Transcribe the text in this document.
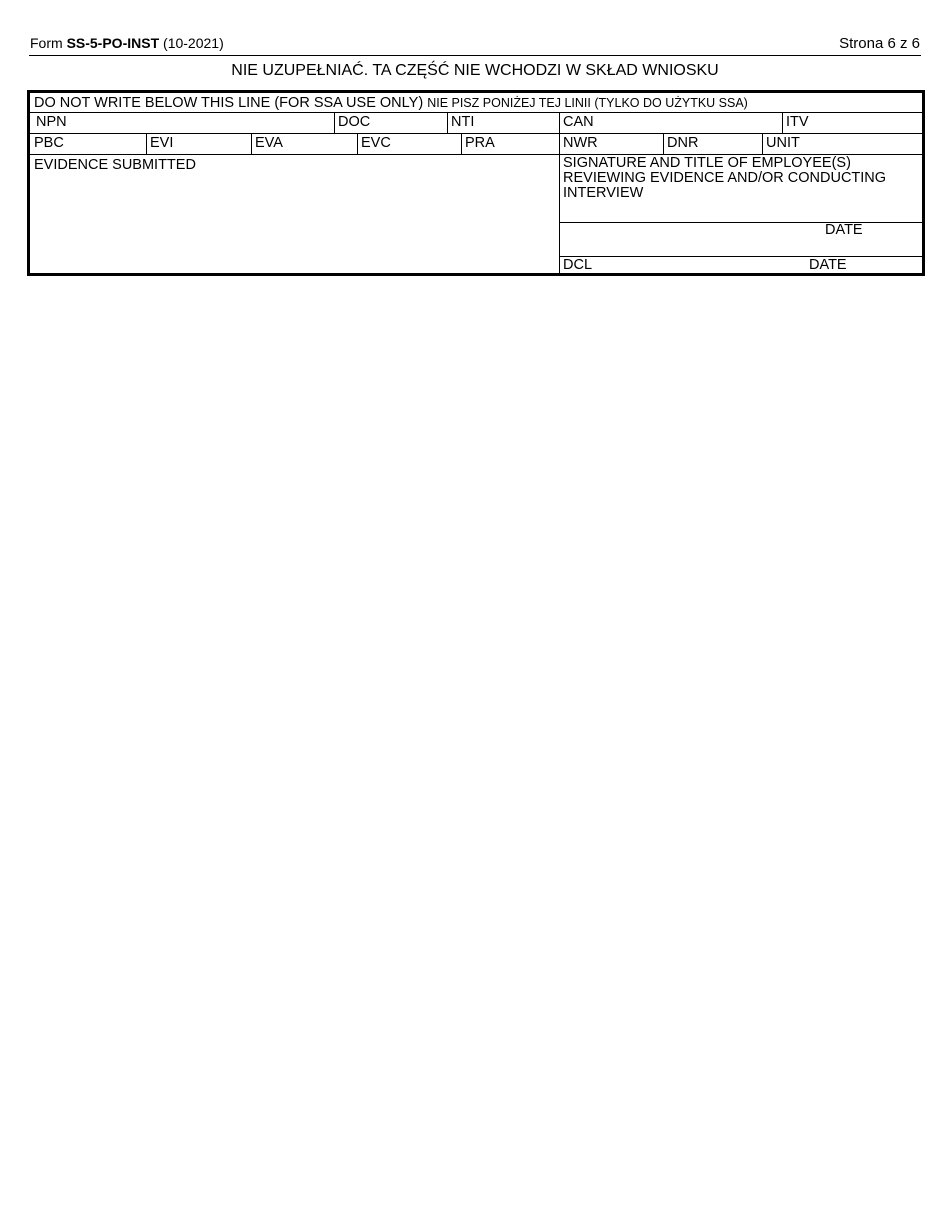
Form SS-5-PO-INST (10-2021)	Strona 6 z 6
NIE UZUPEŁNIAĆ. TA CZĘŚĆ NIE WCHODZI W SKŁAD WNIOSKU
DO NOT WRITE BELOW THIS LINE (FOR SSA USE ONLY) NIE PISZ PONIŻEJ TEJ LINII (TYLKO DO UŻYTKU SSA)
NPN	DOC	NTI	CAN	ITV
PBC	EVI	EVA	EVC	PRA	NWR	DNR	UNIT
EVIDENCE SUBMITTED	SIGNATURE AND TITLE OF EMPLOYEE(S) REVIEWING EVIDENCE AND/OR CONDUCTING INTERVIEW
DATE
DCL	DATE
